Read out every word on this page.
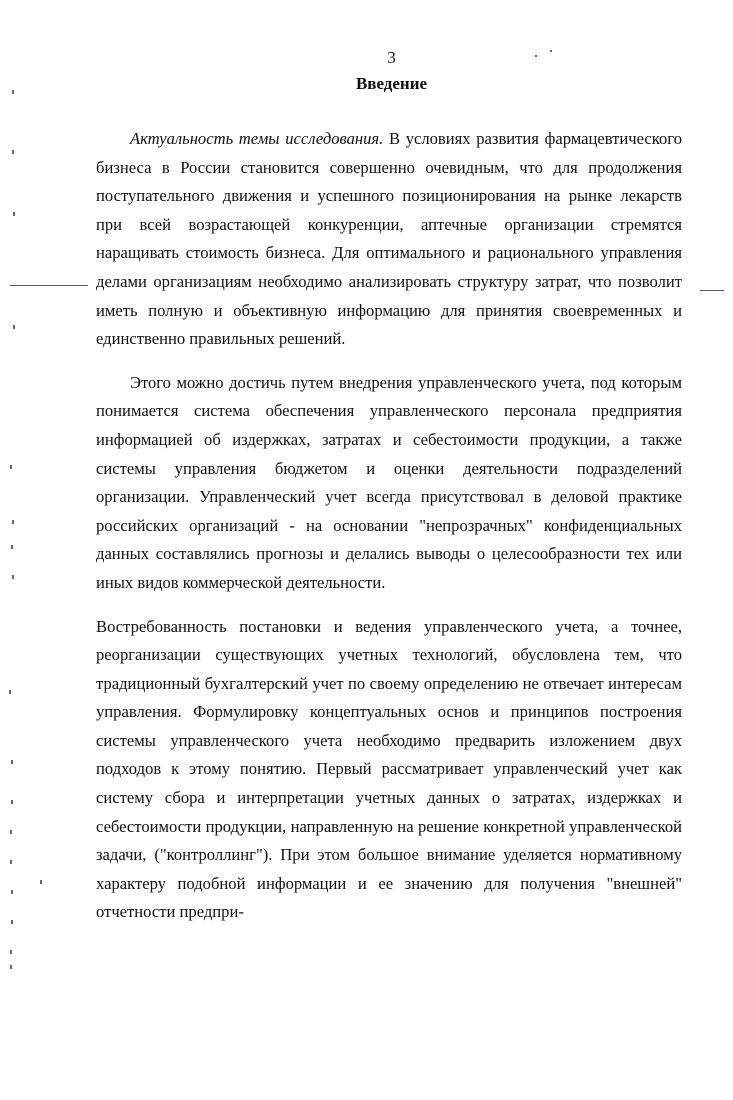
3
Введение

Актуальность темы исследования. В условиях развития фармацевтического бизнеса в России становится совершенно очевидным, что для продолжения поступательного движения и успешного позиционирования на рынке лекарств при всей возрастающей конкуренции, аптечные организации стремятся наращивать стоимость бизнеса. Для оптимального и рационального управления делами организациям необходимо анализировать структуру затрат, что позволит иметь полную и объективную информацию для принятия своевременных и единственно правильных решений.

Этого можно достичь путем внедрения управленческого учета, под которым понимается система обеспечения управленческого персонала предприятия информацией об издержках, затратах и себестоимости продукции, а также системы управления бюджетом и оценки деятельности подразделений организации. Управленческий учет всегда присутствовал в деловой практике российских организаций - на основании "непрозрачных" конфиденциальных данных составлялись прогнозы и делались выводы о целесообразности тех или иных видов коммерческой деятельности.

Востребованность постановки и ведения управленческого учета, а точнее, реорганизации существующих учетных технологий, обусловлена тем, что традиционный бухгалтерский учет по своему определению не отвечает интересам управления. Формулировку концептуальных основ и принципов построения системы управленческого учета необходимо предварить изложением двух подходов к этому понятию. Первый рассматривает управленческий учет как систему сбора и интерпретации учетных данных о затратах, издержках и себестоимости продукции, направленную на решение конкретной управленческой задачи, ("контроллинг"). При этом большое внимание уделяется нормативному характеру подобной информации и ее значению для получения "внешней" отчетности предпри-
